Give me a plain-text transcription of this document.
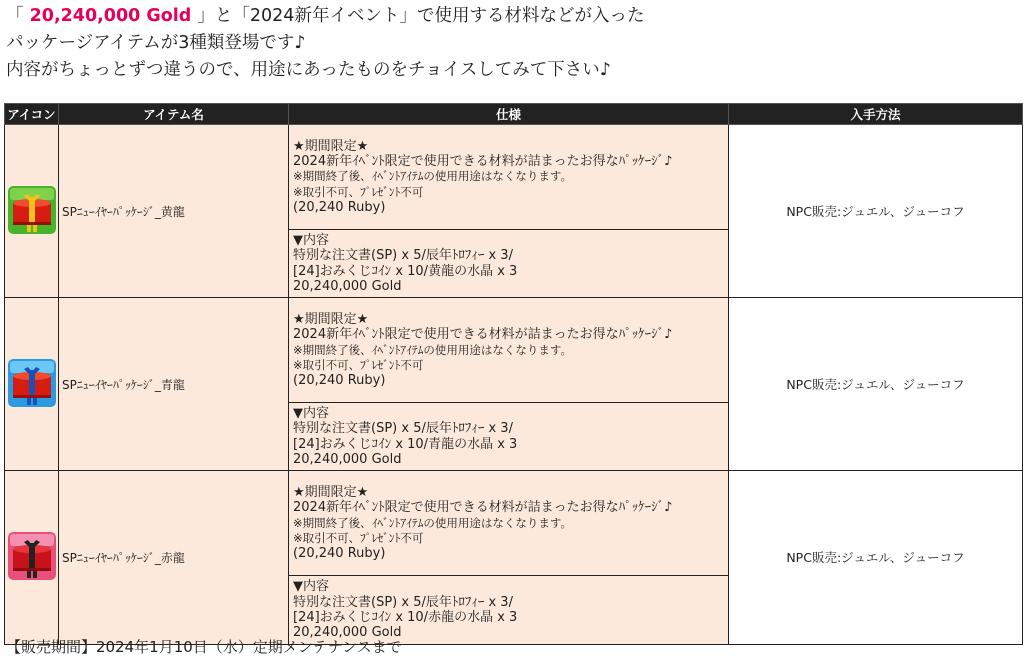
「 20,240,000 Gold 」と「2024新年イベント」で使用する材料などが入った
パッケージアイテムが3種類登場です♪
内容がちょっとずつ違うので、用途にあったものをチョイスしてみて下さい♪
アイコン	アイテム名	仕様	入手方法
	SPﾆｭｰｲﾔｰﾊﾟｯｹｰｼﾞ_黄龍	★期間限定★
2024新年ｲﾍﾞﾝﾄ限定で使用できる材料が詰まったお得なﾊﾟｯｹｰｼﾞ♪
※期間終了後、ｲﾍﾞﾝﾄｱｲﾃﾑの使用用途はなくなります。
※取引不可、ﾌﾟﾚｾﾞﾝﾄ不可
(20,240 Ruby)	NPC販売:ジュエル、ジューコフ

		▼内容
特別な注文書(SP) x 5/辰年ﾄﾛﾌｨｰ x 3/
[24]おみくじｺｲﾝ x 10/黄龍の水晶 x 3
20,240,000 Gold	

	SPﾆｭｰｲﾔｰﾊﾟｯｹｰｼﾞ_青龍	★期間限定★
2024新年ｲﾍﾞﾝﾄ限定で使用できる材料が詰まったお得なﾊﾟｯｹｰｼﾞ♪
※期間終了後、ｲﾍﾞﾝﾄｱｲﾃﾑの使用用途はなくなります。
※取引不可、ﾌﾟﾚｾﾞﾝﾄ不可
(20,240 Ruby)	NPC販売:ジュエル、ジューコフ

		▼内容
特別な注文書(SP) x 5/辰年ﾄﾛﾌｨｰ x 3/
[24]おみくじｺｲﾝ x 10/青龍の水晶 x 3
20,240,000 Gold	

	SPﾆｭｰｲﾔｰﾊﾟｯｹｰｼﾞ_赤龍	★期間限定★
2024新年ｲﾍﾞﾝﾄ限定で使用できる材料が詰まったお得なﾊﾟｯｹｰｼﾞ♪
※期間終了後、ｲﾍﾞﾝﾄｱｲﾃﾑの使用用途はなくなります。
※取引不可、ﾌﾟﾚｾﾞﾝﾄ不可
(20,240 Ruby)	NPC販売:ジュエル、ジューコフ

		▼内容
特別な注文書(SP) x 5/辰年ﾄﾛﾌｨｰ x 3/
[24]おみくじｺｲﾝ x 10/赤龍の水晶 x 3
20,240,000 Gold	
【販売期間】2024年1月10日（水）定期メンテナンスまで
